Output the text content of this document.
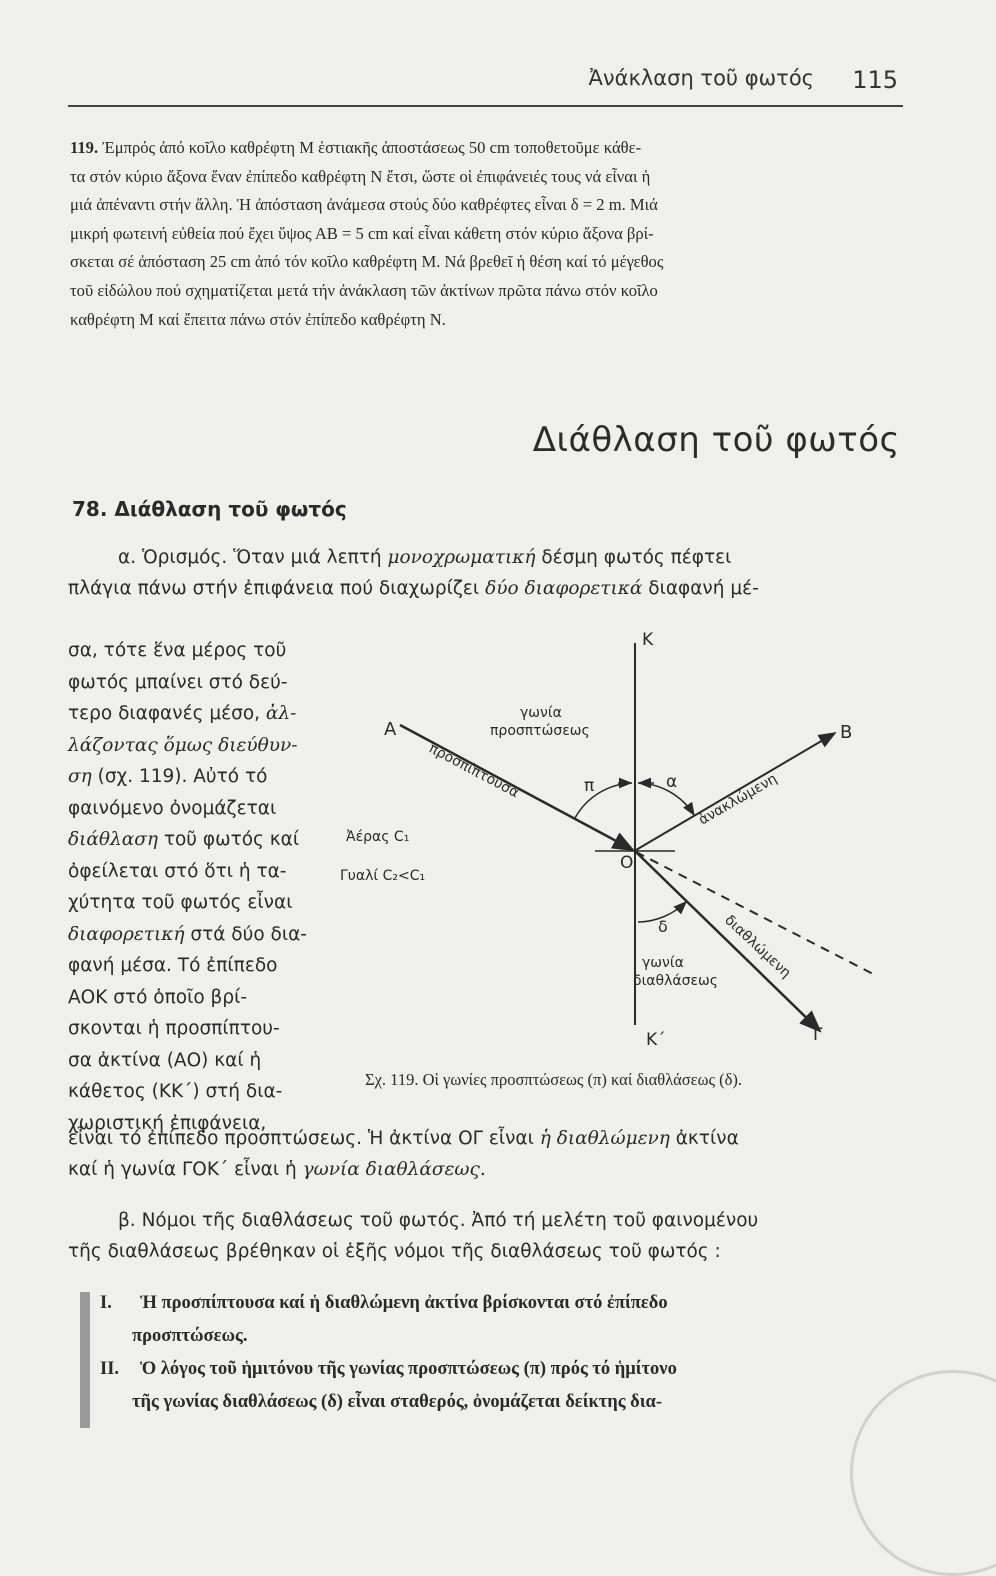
Ἀνάκλαση τοῦ φωτός 115
119. Ἐμπρός ἀπό κοῖλο καθρέφτη Μ ἑστιακῆς ἀποστάσεως 50 cm τοποθετοῦμε κάθε-
τα στόν κύριο ἄξονα ἕναν ἐπίπεδο καθρέφτη Ν ἔτσι, ὥστε οἱ ἐπιφάνειές τους νά εἶναι ἡ
μιά ἀπέναντι στήν ἄλλη. Ἡ ἀπόσταση ἀνάμεσα στούς δύο καθρέφτες εἶναι δ = 2 m. Μιά
μικρή φωτεινή εὐθεία πού ἔχει ὕψος ΑΒ = 5 cm καί εἶναι κάθετη στόν κύριο ἄξονα βρί-
σκεται σέ ἀπόσταση 25 cm ἀπό τόν κοῖλο καθρέφτη Μ. Νά βρεθεῖ ἡ θέση καί τό μέγεθος
τοῦ εἰδώλου πού σχηματίζεται μετά τήν ἀνάκλαση τῶν ἀκτίνων πρῶτα πάνω στόν κοῖλο
καθρέφτη Μ καί ἔπειτα πάνω στόν ἐπίπεδο καθρέφτη Ν.
Διάθλαση τοῦ φωτός
78. Διάθλαση τοῦ φωτός
α. Ὁρισμός. Ὅταν μιά λεπτή μονοχρωματική δέσμη φωτός πέφτει
πλάγια πάνω στήν ἐπιφάνεια πού διαχωρίζει δύο διαφορετικά διαφανή μέ-
σα, τότε ἕνα μέρος τοῦ
φωτός μπαίνει στό δεύ-
τερο διαφανές μέσο, ἀλ-
λάζοντας ὅμως διεύθυν-
ση (σχ. 119). Αὐτό τό
φαινόμενο ὀνομάζεται
διάθλαση τοῦ φωτός καί
ὀφείλεται στό ὅτι ἡ τα-
χύτητα τοῦ φωτός εἶναι
διαφορετική στά δύο δια-
φανή μέσα. Τό ἐπίπεδο
ΑΟΚ στό ὁποῖο βρί-
σκονται ἡ προσπίπτου-
σα ἀκτίνα (ΑΟ) καί ἡ
κάθετος (ΚΚ΄) στή δια-
χωριστική ἐπιφάνεια,
Κ
Κ΄
Α	Β
Ο
Γ
γωνία
προσπτώσεως
προσπίπτουσα	ἀνακλώμενη
διαθλώμενη
π	α
δ
Ἀέρας C₁
Γυαλί C₂<C₁
γωνία
διαθλάσεως
Σχ. 119. Οἱ γωνίες προσπτώσεως (π) καί διαθλάσεως (δ).
εἶναι τό ἐπίπεδο προσπτώσεως. Ἡ ἀκτίνα ΟΓ εἶναι ἡ διαθλώμενη ἀκτίνα
καί ἡ γωνία ΓΟΚ΄ εἶναι ἡ γωνία διαθλάσεως.
β. Νόμοι τῆς διαθλάσεως τοῦ φωτός. Ἀπό τή μελέτη τοῦ φαινομένου
τῆς διαθλάσεως βρέθηκαν οἱ ἑξῆς νόμοι τῆς διαθλάσεως τοῦ φωτός :
Ι. Ἡ προσπίπτουσα καί ἡ διαθλώμενη ἀκτίνα βρίσκονται στό ἐπίπεδο
προσπτώσεως.
ΙΙ. Ὁ λόγος τοῦ ἡμιτόνου τῆς γωνίας προσπτώσεως (π) πρός τό ἡμίτονο
τῆς γωνίας διαθλάσεως (δ) εἶναι σταθερός, ὀνομάζεται δείκτης δια-
